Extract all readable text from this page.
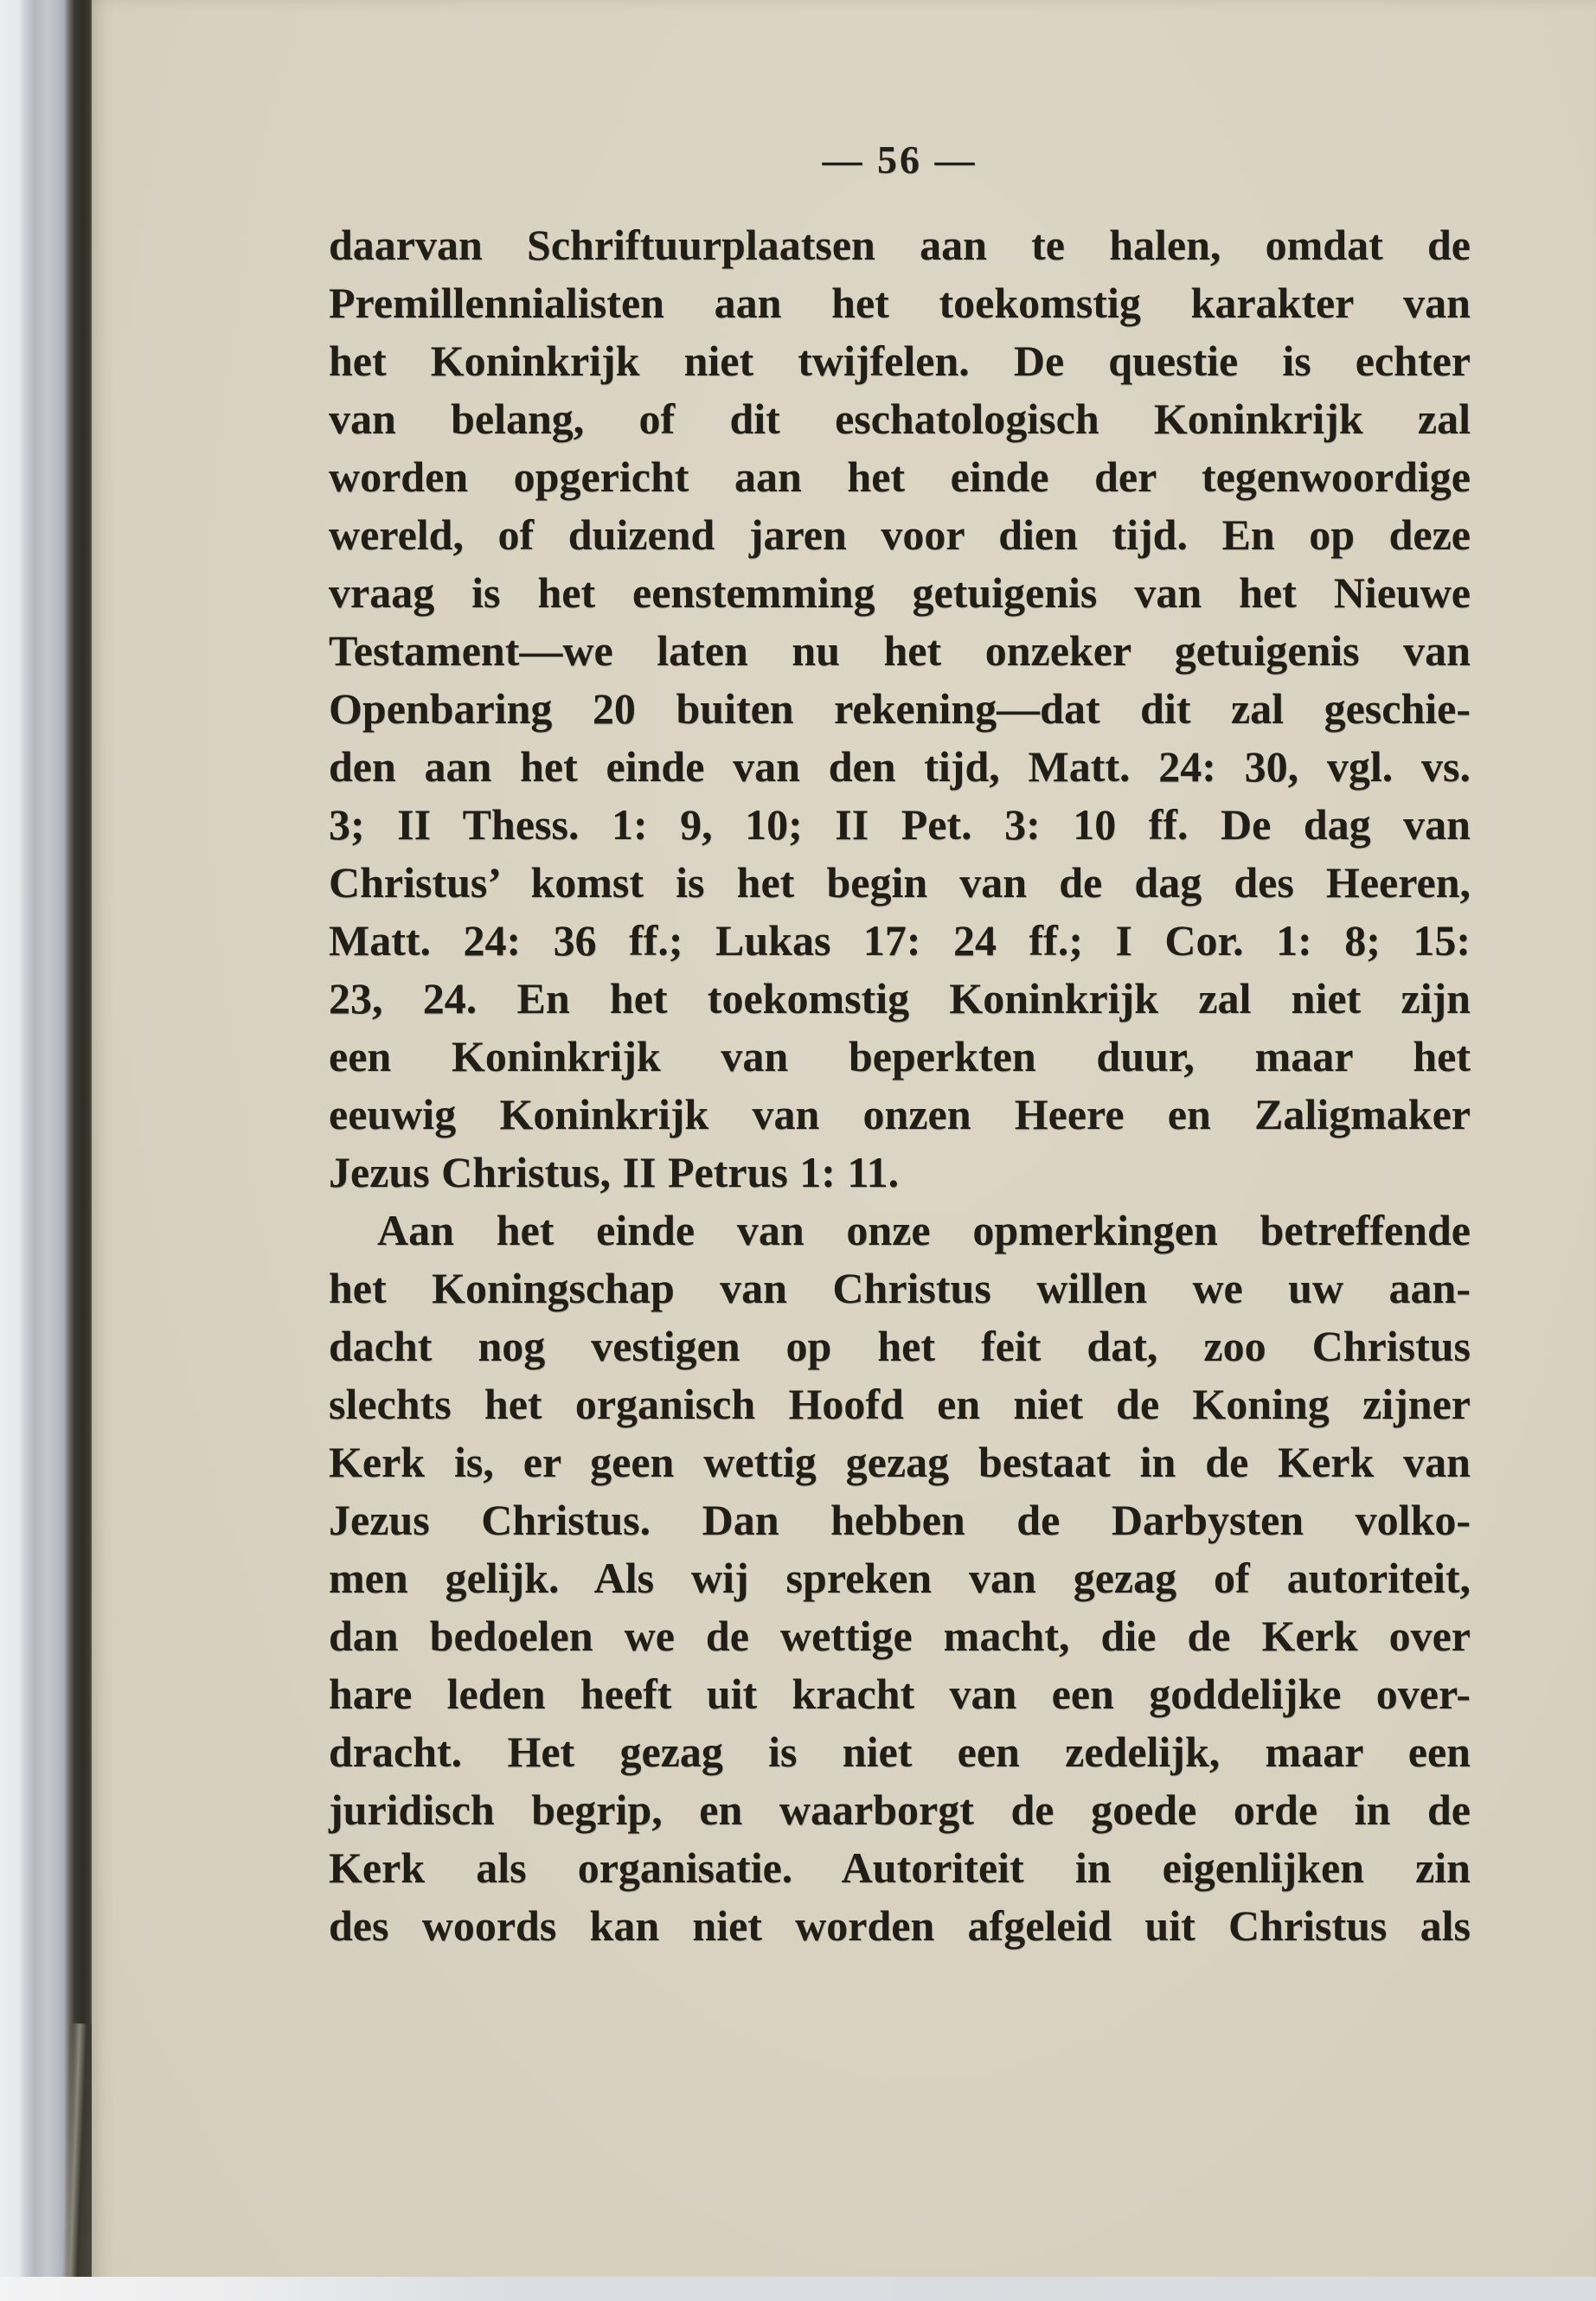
— 56 —
daarvan Schriftuurplaatsen aan te halen, omdat de
Premillennialisten aan het toekomstig karakter van
het Koninkrijk niet twijfelen. De questie is echter
van belang, of dit eschatologisch Koninkrijk zal
worden opgericht aan het einde der tegenwoordige
wereld, of duizend jaren voor dien tijd. En op deze
vraag is het eenstemming getuigenis van het Nieuwe
Testament—we laten nu het onzeker getuigenis van
Openbaring 20 buiten rekening—dat dit zal geschie-
den aan het einde van den tijd, Matt. 24: 30, vgl. vs.
3; II Thess. 1: 9, 10; II Pet. 3: 10 ff. De dag van
Christus’ komst is het begin van de dag des Heeren,
Matt. 24: 36 ff.; Lukas 17: 24 ff.; I Cor. 1: 8; 15:
23, 24. En het toekomstig Koninkrijk zal niet zijn
een Koninkrijk van beperkten duur, maar het
eeuwig Koninkrijk van onzen Heere en Zaligmaker
Jezus Christus, II Petrus 1: 11.
Aan het einde van onze opmerkingen betreffende
het Koningschap van Christus willen we uw aan-
dacht nog vestigen op het feit dat, zoo Christus
slechts het organisch Hoofd en niet de Koning zijner
Kerk is, er geen wettig gezag bestaat in de Kerk van
Jezus Christus. Dan hebben de Darbysten volko-
men gelijk. Als wij spreken van gezag of autoriteit,
dan bedoelen we de wettige macht, die de Kerk over
hare leden heeft uit kracht van een goddelijke over-
dracht. Het gezag is niet een zedelijk, maar een
juridisch begrip, en waarborgt de goede orde in de
Kerk als organisatie. Autoriteit in eigenlijken zin
des woords kan niet worden afgeleid uit Christus als
